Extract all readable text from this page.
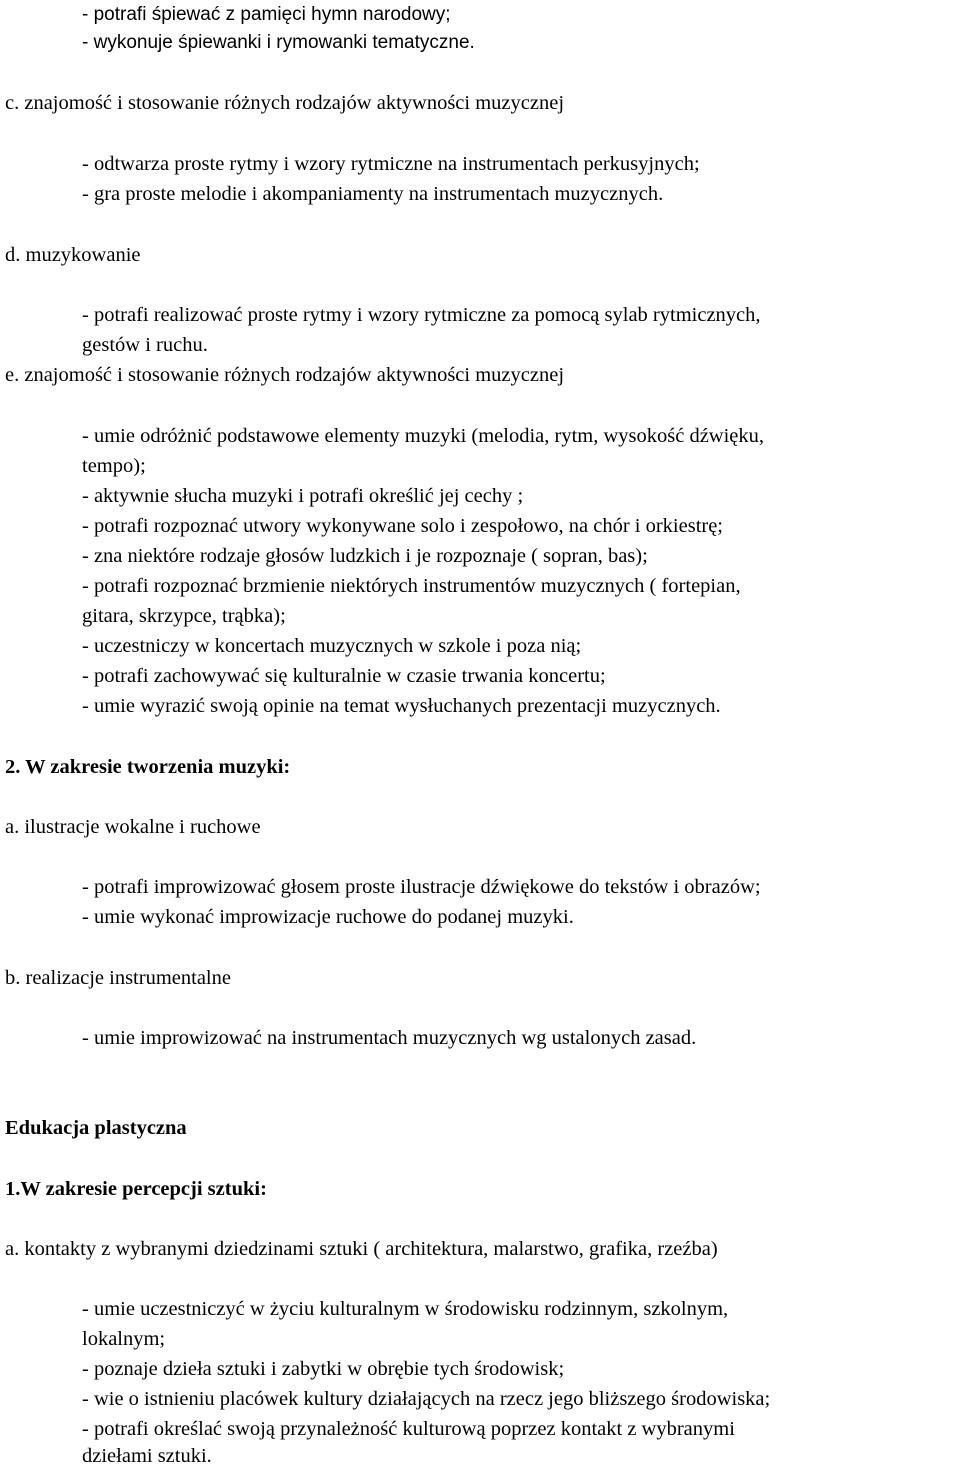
- potrafi śpiewać z pamięci hymn narodowy;
- wykonuje śpiewanki i rymowanki tematyczne.
c. znajomość i stosowanie różnych rodzajów aktywności muzycznej
- odtwarza proste rytmy i wzory rytmiczne na instrumentach perkusyjnych;
- gra proste melodie i akompaniamenty na instrumentach muzycznych.
d. muzykowanie
- potrafi realizować proste rytmy i wzory rytmiczne za pomocą sylab rytmicznych,
gestów i ruchu.
e. znajomość i stosowanie różnych rodzajów aktywności muzycznej
- umie odróżnić podstawowe elementy muzyki (melodia, rytm, wysokość dźwięku,
tempo);
- aktywnie słucha muzyki i potrafi określić jej cechy ;
- potrafi rozpoznać utwory wykonywane solo i zespołowo, na chór i orkiestrę;
- zna niektóre rodzaje głosów ludzkich i je rozpoznaje ( sopran, bas);
- potrafi rozpoznać brzmienie niektórych instrumentów muzycznych ( fortepian,
gitara, skrzypce, trąbka);
- uczestniczy w koncertach muzycznych w szkole i poza nią;
- potrafi zachowywać się kulturalnie w czasie trwania koncertu;
- umie wyrazić swoją opinie na temat wysłuchanych prezentacji muzycznych.
2. W zakresie tworzenia muzyki:
a. ilustracje wokalne i ruchowe
- potrafi improwizować głosem proste ilustracje dźwiękowe do tekstów i obrazów;
- umie wykonać improwizacje ruchowe do podanej muzyki.
b. realizacje instrumentalne
- umie improwizować na instrumentach muzycznych wg ustalonych zasad.
Edukacja plastyczna
1.W zakresie percepcji sztuki:
a. kontakty z wybranymi dziedzinami sztuki ( architektura, malarstwo, grafika, rzeźba)
- umie uczestniczyć w życiu kulturalnym w środowisku rodzinnym, szkolnym,
lokalnym;
- poznaje dzieła sztuki i zabytki w obrębie tych środowisk;
- wie o istnieniu placówek kultury działających na rzecz jego bliższego środowiska;
- potrafi określać swoją przynależność kulturową poprzez kontakt z wybranymi
dziełami sztuki.
